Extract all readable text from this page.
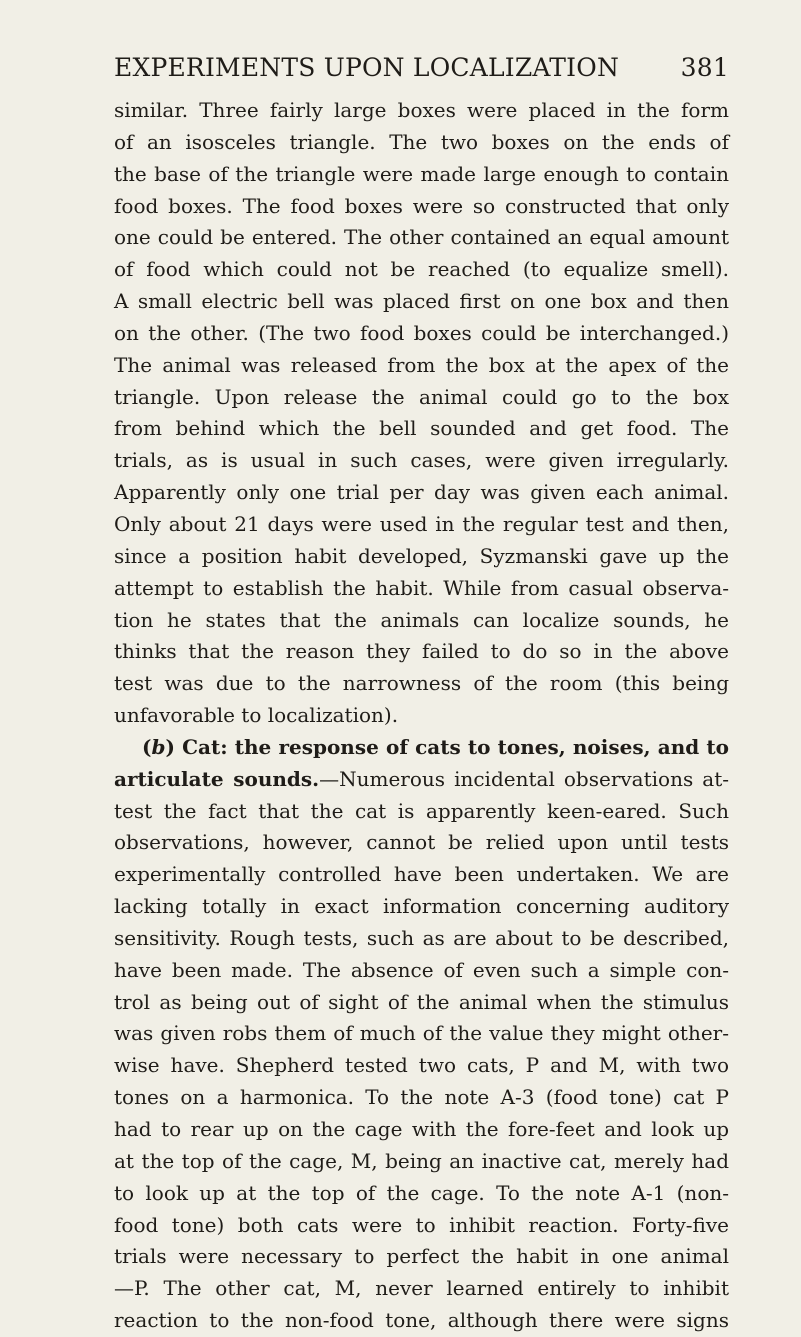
EXPERIMENTS UPON LOCALIZATION 381
similar. Three fairly large boxes were placed in the form
of an isosceles triangle. The two boxes on the ends of
the base of the triangle were made large enough to contain
food boxes. The food boxes were so constructed that only
one could be entered. The other contained an equal amount
of food which could not be reached (to equalize smell).
A small electric bell was placed first on one box and then
on the other. (The two food boxes could be interchanged.)
The animal was released from the box at the apex of the
triangle. Upon release the animal could go to the box
from behind which the bell sounded and get food. The
trials, as is usual in such cases, were given irregularly.
Apparently only one trial per day was given each animal.
Only about 21 days were used in the regular test and then,
since a position habit developed, Syzmanski gave up the
attempt to establish the habit. While from casual observa-
tion he states that the animals can localize sounds, he
thinks that the reason they failed to do so in the above
test was due to the narrowness of the room (this being
unfavorable to localization).
(b) Cat: the response of cats to tones, noises, and to
articulate sounds.—Numerous incidental observations at-
test the fact that the cat is apparently keen-eared. Such
observations, however, cannot be relied upon until tests
experimentally controlled have been undertaken. We are
lacking totally in exact information concerning auditory
sensitivity. Rough tests, such as are about to be described,
have been made. The absence of even such a simple con-
trol as being out of sight of the animal when the stimulus
was given robs them of much of the value they might other-
wise have. Shepherd tested two cats, P and M, with two
tones on a harmonica. To the note A-3 (food tone) cat P
had to rear up on the cage with the fore-feet and look up
at the top of the cage, M, being an inactive cat, merely had
to look up at the top of the cage. To the note A-1 (non-
food tone) both cats were to inhibit reaction. Forty-five
trials were necessary to perfect the habit in one animal
—P. The other cat, M, never learned entirely to inhibit
reaction to the non-food tone, although there were signs
